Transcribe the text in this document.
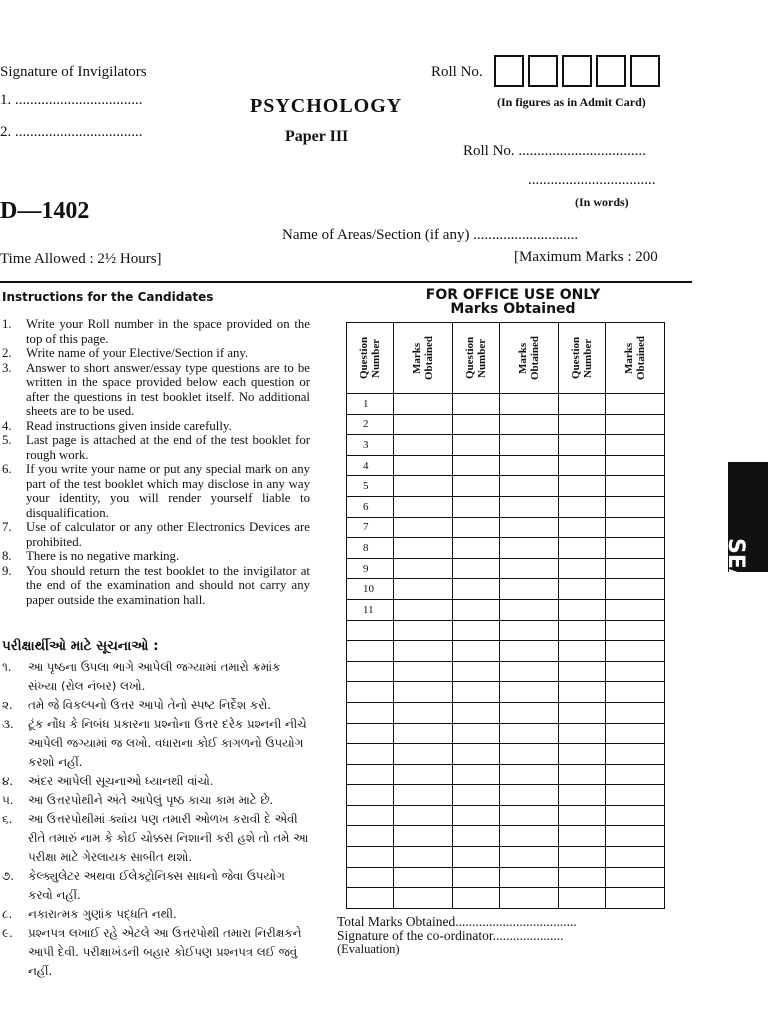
Signature of Invigilators
1. ..................................
2. ..................................
Roll No.
(In figures as in Admit Card)
PSYCHOLOGY
Paper III
Roll No. ..................................
..................................
(In words)
D—1402
Name of Areas/Section (if any) ............................
Time Allowed : 2½ Hours]	[Maximum Marks : 200
Instructions for the Candidates
1.	Write your Roll number in the space provided on the top of this page.
2.	Write name of your Elective/Section if any.
3.	Answer to short answer/essay type questions are to be written in the space provided below each question or after the questions in test booklet itself. No additional sheets are to be used.
4.	Read instructions given inside carefully.
5.	Last page is attached at the end of the test booklet for rough work.
6.	If you write your name or put any special mark on any part of the test booklet which may disclose in any way your identity, you will render yourself liable to disqualification.
7.	Use of calculator or any other Electronics Devices are prohibited.
8.	There is no negative marking.
9.	You should return the test booklet to the invigilator at the end of the examination and should not carry any paper outside the examination hall.
પરીક્ષાર્થીઓ માટે સૂચનાઓ :
૧.	આ પૃષ્ઠના ઉપલા ભાગે આપેલી જગ્યામાં તમારો ક્રમાંક સંખ્યા (રોલ નંબર) લખો.
૨.	તમે જે વિકલ્પનો ઉત્તર આપો તેનો સ્પષ્ટ નિર્દેશ કરો.
૩.	ટૂંક નોંધ કે નિબંધ પ્રકારના પ્રશ્નોના ઉત્તર દરેક પ્રશ્નની નીચે આપેલી જગ્યામાં જ લખો. વધારાના કોઈ કાગળનો ઉપયોગ કરશો નહીં.
૪.	અંદર આપેલી સૂચનાઓ ધ્યાનથી વાંચો.
૫.	આ ઉત્તરપોથીને અંતે આપેલું પૃષ્ઠ કાચા કામ માટે છે.
૬.	આ ઉત્તરપોથીમાં ક્યાંય પણ તમારી ઓળખ કરાવી દે એવી રીતે તમારું નામ કે કોઈ ચોક્કસ નિશાની કરી હશે તો તમે આ પરીક્ષા માટે ગેરલાયક સાબીત થશો.
૭.	કેલ્ક્યુલેટર અથવા ઈલેક્ટ્રોનિક્સ સાધનો જેવા ઉપયોગ કરવો નહીં.
૮.	નકારાત્મક ગુણાંક પદ્ધતિ નથી.
૯.	પ્રશ્નપત્ર લખાઈ રહે એટલે આ ઉત્તરપોથી તમારા નિરીક્ષકને આપી દેવી. પરીક્ષાખંડની બહાર કોઈપણ પ્રશ્નપત્ર લઈ જવું નહીં.
FOR OFFICE USE ONLY
Marks Obtained
Question Number	Marks Obtained	Question Number	Marks Obtained	Question Number	Marks Obtained

1					
2					
3					
4					
5					
6					
7					
8					
9					
10					
11					

Total Marks Obtained....................................
Signature of the co-ordinator.....................
(Evaluation)
SEAL
